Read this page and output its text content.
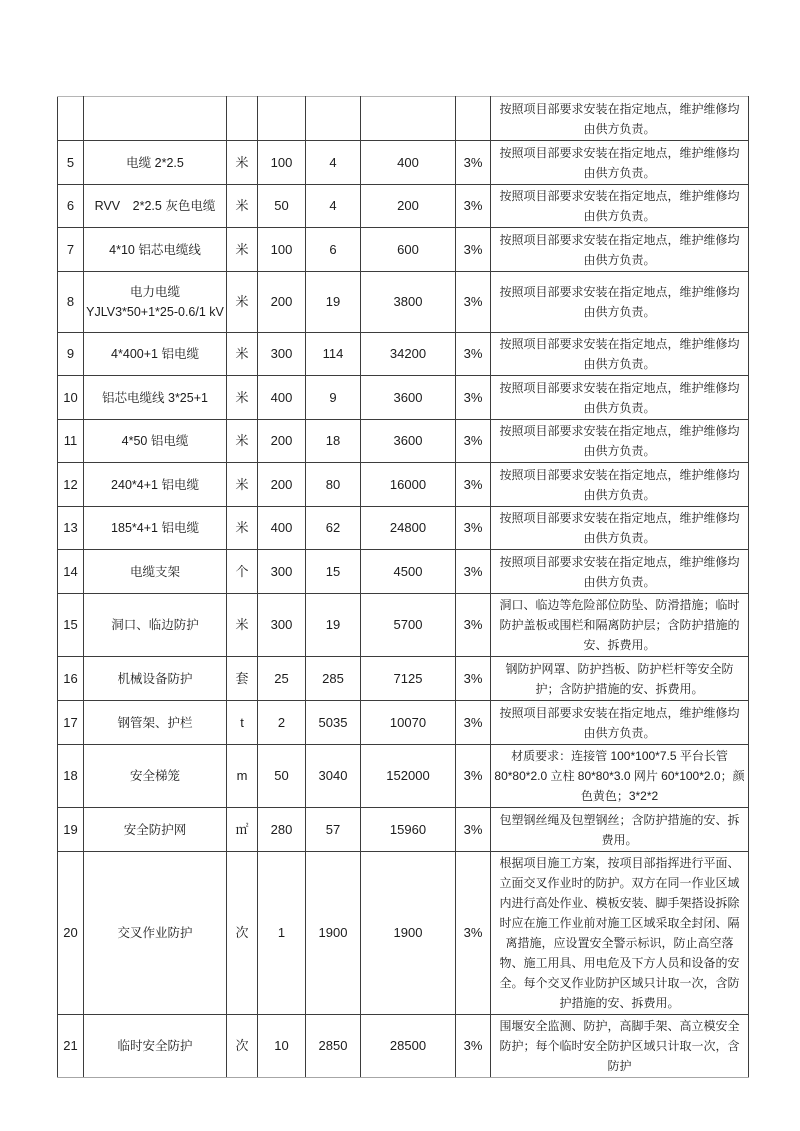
							按照项目部要求安装在指定地点，维护维修均由供方负责。
5	电缆 2*2.5	米	100	4	400	3%	按照项目部要求安装在指定地点，维护维修均由供方负责。
6	RVV　2*2.5 灰色电缆	米	50	4	200	3%	按照项目部要求安装在指定地点，维护维修均由供方负责。
7	4*10 铝芯电缆线	米	100	6	600	3%	按照项目部要求安装在指定地点，维护维修均由供方负责。
8	电力电缆 YJLV3*50+1*25-0.6/1 kV	米	200	19	3800	3%	按照项目部要求安装在指定地点，维护维修均由供方负责。
9	4*400+1 铝电缆	米	300	114	34200	3%	按照项目部要求安装在指定地点，维护维修均由供方负责。
10	铝芯电缆线 3*25+1	米	400	9	3600	3%	按照项目部要求安装在指定地点，维护维修均由供方负责。
11	4*50 铝电缆	米	200	18	3600	3%	按照项目部要求安装在指定地点，维护维修均由供方负责。
12	240*4+1 铝电缆	米	200	80	16000	3%	按照项目部要求安装在指定地点，维护维修均由供方负责。
13	185*4+1 铝电缆	米	400	62	24800	3%	按照项目部要求安装在指定地点，维护维修均由供方负责。
14	电缆支架	个	300	15	4500	3%	按照项目部要求安装在指定地点，维护维修均由供方负责。
15	洞口、临边防护	米	300	19	5700	3%	洞口、临边等危险部位防坠、防滑措施；临时防护盖板或围栏和隔离防护层；含防护措施的安、拆费用。
16	机械设备防护	套	25	285	7125	3%	钢防护网罩、防护挡板、防护栏杆等安全防护；含防护措施的安、拆费用。
17	钢管架、护栏	t	2	5035	10070	3%	按照项目部要求安装在指定地点，维护维修均由供方负责。
18	安全梯笼	m	50	3040	152000	3%	材质要求：连接管 100*100*7.5 平台长管 80*80*2.0 立柱 80*80*3.0 网片 60*100*2.0；颜色黄色；3*2*2
19	安全防护网	㎡	280	57	15960	3%	包塑钢丝绳及包塑钢丝；含防护措施的安、拆费用。
20	交叉作业防护	次	1	1900	1900	3%	根据项目施工方案，按项目部指挥进行平面、立面交叉作业时的防护。双方在同一作业区域内进行高处作业、模板安装、脚手架搭设拆除时应在施工作业前对施工区域采取全封闭、隔离措施，应设置安全警示标识，防止高空落物、施工用具、用电危及下方人员和设备的安全。每个交叉作业防护区域只计取一次，含防护措施的安、拆费用。
21	临时安全防护	次	10	2850	28500	3%	围堰安全监测、防护，高脚手架、高立模安全防护；每个临时安全防护区域只计取一次，含防护
